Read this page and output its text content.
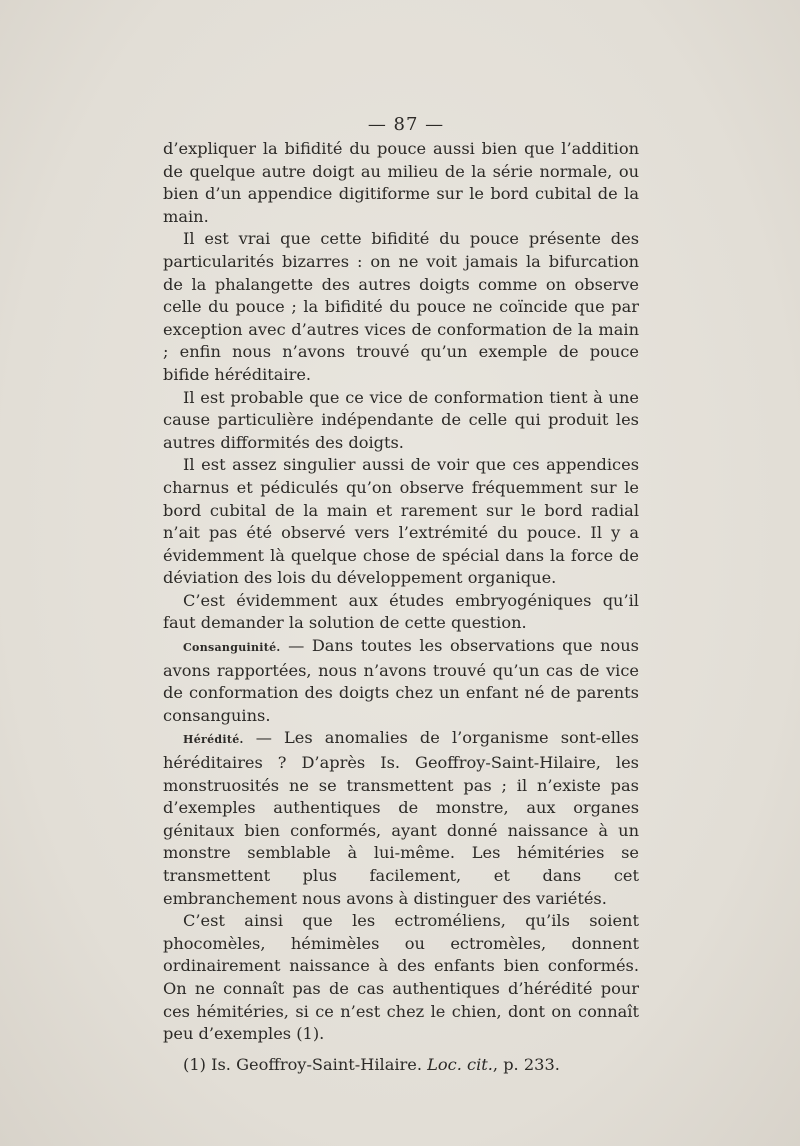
— 87 —

d’expliquer la bifidité du pouce aussi bien que l’addition de quelque autre doigt au milieu de la série normale, ou bien d’un appendice digitiforme sur le bord cubital de la main.

Il est vrai que cette bifidité du pouce présente des particularités bizarres : on ne voit jamais la bifurcation de la phalangette des autres doigts comme on observe celle du pouce ; la bifidité du pouce ne coïncide que par exception avec d’autres vices de conformation de la main ; enfin nous n’avons trouvé qu’un exemple de pouce bifide héréditaire.

Il est probable que ce vice de conformation tient à une cause particulière indépendante de celle qui produit les autres difformités des doigts.

Il est assez singulier aussi de voir que ces appendices charnus et pédiculés qu’on observe fréquemment sur le bord cubital de la main et rarement sur le bord radial n’ait pas été observé vers l’extrémité du pouce. Il y a évidemment là quelque chose de spécial dans la force de déviation des lois du développement organique.

C’est évidemment aux études embryogéniques qu’il faut demander la solution de cette question.

Consanguinité. — Dans toutes les observations que nous avons rapportées, nous n’avons trouvé qu’un cas de vice de conformation des doigts chez un enfant né de parents consanguins.

Hérédité. — Les anomalies de l’organisme sont-elles héréditaires ? D’après Is. Geoffroy-Saint-Hilaire, les monstruosités ne se transmettent pas ; il n’existe pas d’exemples authentiques de monstre, aux organes génitaux bien conformés, ayant donné naissance à un monstre semblable à lui-même. Les hémitéries se transmettent plus facilement, et dans cet embranchement nous avons à distinguer des variétés.

C’est ainsi que les ectroméliens, qu’ils soient phocomèles, hémimèles ou ectromèles, donnent ordinairement naissance à des enfants bien conformés. On ne connaît pas de cas authentiques d’hérédité pour ces hémitéries, si ce n’est chez le chien, dont on connaît peu d’exemples (1).

(1) Is. Geoffroy-Saint-Hilaire. Loc. cit., p. 233.
